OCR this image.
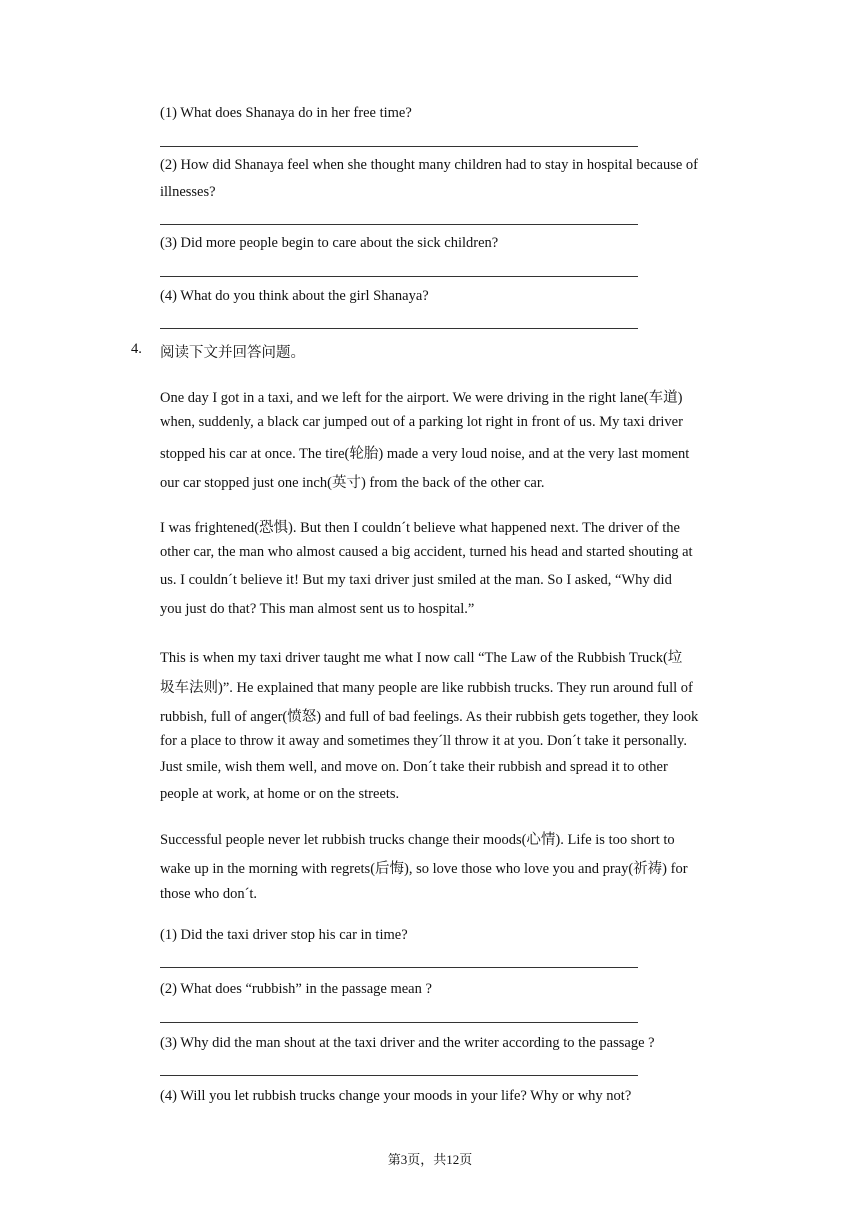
(1) What does Shanaya do in her free time?
(2) How did Shanaya feel when she thought many children had to stay in hospital because of
illnesses?
(3) Did more people begin to care about the sick children?
(4) What do you think about the girl Shanaya?
4. 阅读下文并回答问题。
One day I got in a taxi, and we left for the airport. We were driving in the right lane(车道)
when, suddenly, a black car jumped out of a parking lot right in front of us. My taxi driver
stopped his car at once. The tire(轮胎) made a very loud noise, and at the very last moment
our car stopped just one inch(英寸) from the back of the other car.
I was frightened(恐惧). But then I couldnˊt believe what happened next. The driver of the
other car, the man who almost caused a big accident, turned his head and started shouting at
us. I couldnˊt believe it! But my taxi driver just smiled at the man. So I asked, “Why did
you just do that? This man almost sent us to hospital.”
This is when my taxi driver taught me what I now call “The Law of the Rubbish Truck(垃
圾车法则)”. He explained that many people are like rubbish trucks. They run around full of
rubbish, full of anger(愤怒) and full of bad feelings. As their rubbish gets together, they look
for a place to throw it away and sometimes theyˊll throw it at you. Donˊt take it personally.
Just smile, wish them well, and move on. Donˊt take their rubbish and spread it to other
people at work, at home or on the streets.
Successful people never let rubbish trucks change their moods(心情). Life is too short to
wake up in the morning with regrets(后悔), so love those who love you and pray(祈祷) for
those who donˊt.
(1) Did the taxi driver stop his car in time?
(2) What does “rubbish” in the passage mean ?
(3) Why did the man shout at the taxi driver and the writer according to the passage ?
(4) Will you let rubbish trucks change your moods in your life? Why or why not?
第3页，共12页
